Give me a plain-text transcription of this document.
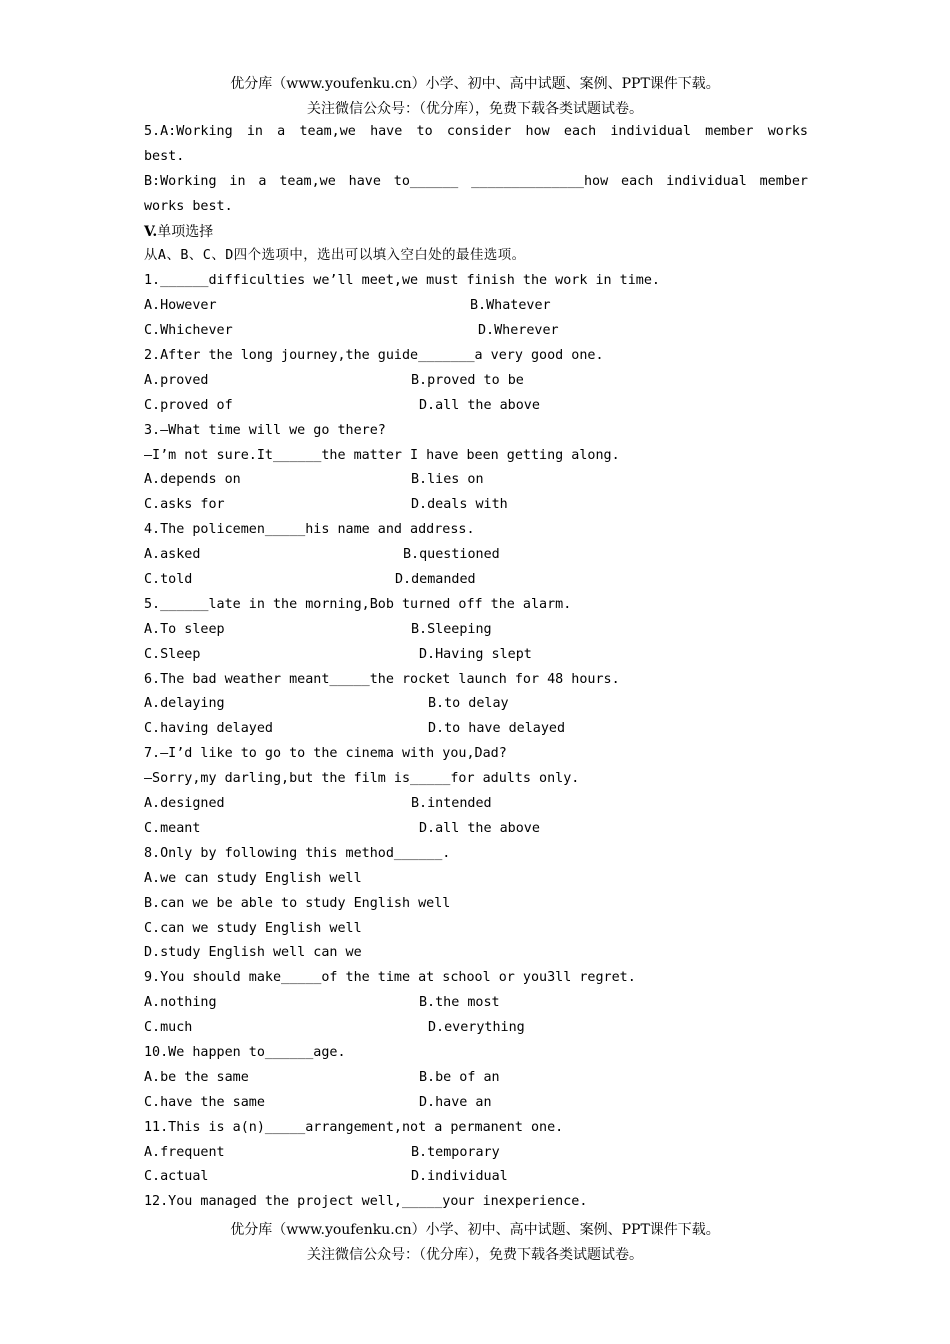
优分库（www.youfenku.cn）小学、初中、高中试题、案例、PPT课件下载。
关注微信公众号：（优分库），免费下载各类试题试卷。
5.A:Working in a team,we have to consider how each individual member works
best.
B:Working in a team,we have to______ ______________how each individual member
works best.
V.单项选择
从A、B、C、D四个选项中，选出可以填入空白处的最佳选项。
1.______difficulties we’ll meet,we must finish the work in time.
A.However	B.Whatever
C.Whichever	D.Wherever
2.After the long journey,the guide_______a very good one.
A.proved	B.proved to be
C.proved of	D.all the above
3.—What time will we go there?
—I’m not sure.It______the matter I have been getting along.
A.depends on	B.lies on
C.asks for	D.deals with
4.The policemen_____his name and address.
A.asked	B.questioned
C.told	D.demanded
5.______late in the morning,Bob turned off the alarm.
A.To sleep	B.Sleeping
C.Sleep	D.Having slept
6.The bad weather meant_____the rocket launch for 48 hours.
A.delaying	B.to delay
C.having delayed	D.to have delayed
7.—I’d like to go to the cinema with you,Dad?
—Sorry,my darling,but the film is_____for adults only.
A.designed	B.intended
C.meant	D.all the above
8.Only by following this method______.
A.we can study English well
B.can we be able to study English well
C.can we study English well
D.study English well can we
9.You should make_____of the time at school or you3ll regret.
A.nothing	B.the most
C.much	D.everything
10.We happen to______age.
A.be the same	B.be of an
C.have the same	D.have an
11.This is a(n)_____arrangement,not a permanent one.
A.frequent	B.temporary
C.actual	D.individual
12.You managed the project well,_____your inexperience.
优分库（www.youfenku.cn）小学、初中、高中试题、案例、PPT课件下载。
关注微信公众号：（优分库），免费下载各类试题试卷。
